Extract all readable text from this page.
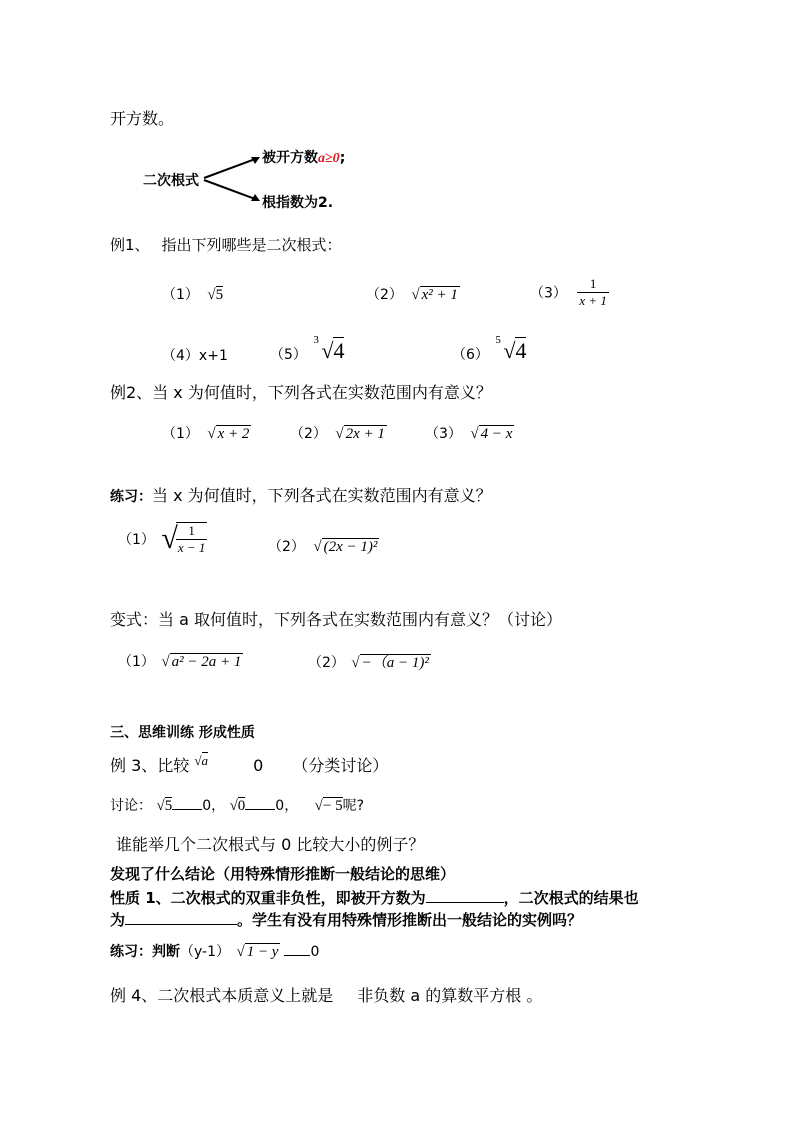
开方数。
二次根式
被开方数a≥0;
根指数为2.
例1、 指出下列哪些是二次根式：
（1） √5	（2） √ x² + 1	$(3) \frac{1}{x + 1}$
（4）x+1	（5）
3 √4	（6）
5 √4
例2、当 x 为何值时，下列各式在实数范围内有意义？
（1） √ x + 2	（2） √ 2x + 1	（3） √ 4 − x
练习：当 x 为何值时，下列各式在实数范围内有意义？
（1） √
$\frac{1}{x - 1}$	（2） √ (2x − 1)²
变式：当 a 取何值时，下列各式在实数范围内有意义？（讨论）
（1） √ a² − 2a + 1	（2） √ −（a − 1)²
三、思维训练 形成性质
例 3、比较 $^{√a}$	0 （分类讨论）
讨论： √5 0， √0 0， √− 5呢?
谁能举几个二次根式与 0 比较大小的例子？
发现了什么结论（用特殊情形推断一般结论的思维）
性质 1、二次根式的双重非负性，即被开方数为	，二次根式的结果也
为	。学生有没有用特殊情形推断出一般结论的实例吗？
练习：判断（y-1） √ 1 − y 0
例 4、二次根式本质意义上就是 非负数 a 的算数平方根 。
